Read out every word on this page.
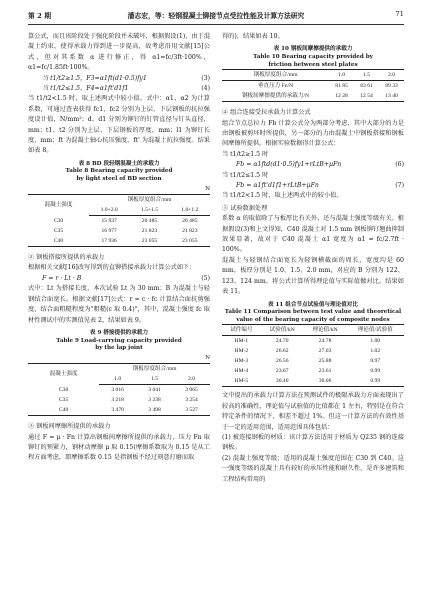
第 2 期	潘志宏，等：轻钢混凝土铆接节点受拉性能及计算方法研究	71

算公式，而且该阶段处于强化阶段并未破坏，根据假设(1)，由于混凝土约束，使得承载力得到进一步提高，故考虑沿用文献[15]公式，但对其系数 α 进行修正，得 α1=fc/3ft·100%，α1=fc/1.85ft·100%。

当 t1/t2≥1.5，F3=α1ft(d1·0.5)fy1	(3)
当 t1/t2≤1.5，F4=α1ft'd1f1	(4)

当 t1/t2<1.5 时，取上述两式中较小值。式中：α1、α2 为计算系数，可通过查表获得 fc1、fc2 分别为上层、下层钢板的抗拉强度设计值，N/mm²；d、d1 分别为铆钉的钉管直径与钉头直径，mm；t1、t2 分别为上层、下层钢板的厚度，mm；l1 为铆钉长度，mm；ft 为混凝土轴心抗压强度，ft' 为混凝土抗拉强度。结果如表 8。

表 8 BD 段轻钢混凝土的承载力
Table 8 Bearing capacity provided
by light steel of BD section
N
混凝土强度	钢板厚度组合/mm		
	1.0+2.0	1.5+1.5	1.0+1.2
C30	15 937	20 485	20 485
C35	16 977	21 823	21 823
C40	17 936	23 055	23 055

② 钢板搭接所提供的承载力

根据相关文献[16]改写得到的直铆搭接承载力计算公式如下：

F = r · Lt · B	(5)

式中：Lt 为搭接长度，本次试验 Lt 为 30 mm；B 为混凝土与轻钢结合面宽长。根据文献[17]公式：r = c · fc 计算结合面抗剪强度，结合面粗糙程度为"粗糙(c 取 0.4)"，其中，混凝土强度 fc 取材性测试中的实测值见表 2，结果如表 9。

表 9 搭接提供的承载力
Table 9 Load-carrying capacity provided
by the lap joint
N
混凝土强度	钢板厚度组合/mm		
	1.0	1.5	2.0
C30	3 016	3 041	3 065
C35	3 218	3 238	3 254
C40	3 470	3 498	3 527

③ 钢板间摩擦所提供的承载力

通过 F = μ · Fn 计算出钢板间摩擦所提供的承载力，压力 Fn 取铆钉的预紧力，钢材动摩擦 μ 取 0.15(摩擦系数取为 0.15 是从工程方面考虑，即摩擦系数 0.15 是指钢板不经过刻意打磨而取

得的)，结果如表 10。

表 10 钢板间摩擦提供的承载力
Table 10 Bearing capacity provided by
friction between steel plates
钢板厚度组合/mm	1.0	1.5	2.0
垂直压力 Fn/N	81 85	83 61	89 33
钢板间摩擦提供的承载力/N	12 28	12 54	13 40

④ 组合连接受拉承载力计算公式

组合节点总拉力 Fb 计算公式分为两部分考虑，其中大部分的力是由钢板被剪坏时所提供，另一部分的力由混凝土中钢板搭接和钢板间摩擦所提供。根据实验数据得计算公式：

当 t1/t2≥1.5 时

Fb = α1ftd(d1·0.5)fy1+rLtB+μFn	(6)

当 t1/t2≤1.5 时

Fb = α1ft'd1f1+rLtB+μFn	(7)

当 t1/t2<1.5 时，取上述两式中的较小值。

⑤ 试验数据处理

系数 α 的取值除了与板厚比有关外，还与混凝土强度等级有关。根据假设(3)和上文得知，C40 混凝土对 1.5 mm 钢板铆钉翘曲抑制效果显著，故对于 C40 混凝土 α1 宽度为 α1 = fc/2.7ft · 100%。

混凝土与轻钢结合面宽长为轻钢横截面的周长，宽度均是 60 mm，板厚分别是 1.0、1.5、2.0 mm，对应的 B 分别为 122、123、124 mm。将公式计算所得理论值与实际值做对比，结果如表 11。

表 11 组合节点试验值与理论值对比
Table 11 Comparison between test value and theoretical
value of the bearing capacity of composite nodes
试件编号	试验值/kN	理论值/kN	理论值/试验值
HM-1	24.70	24.78	1.00
HM-2	26.62	27.03	1.02
HM-3	26.56	25.88	0.97
HM-4	23.67	23.61	0.99
HM-5	30.40	30.06	0.99

文中提出的承载力计算方法在预测试件的极限承载力方面表现出了较高的准确性，理论值与试验值的比值都在 1 左右，特别是在符合特定条件的情况下，相差不超过 1%。但这一计算方法的有效性基于一定的适用范围，适用范围具体包括：

(1) 被连接钢板的材质：该计算方法适用于材质为 Q235 钢的连接钢板。

(2) 混凝土强度等级：适用的混凝土强度范围在 C30 到 C40。这一强度等级的混凝土具有较好的承压性能和耐久性，是许多建筑和工程结构常用的
